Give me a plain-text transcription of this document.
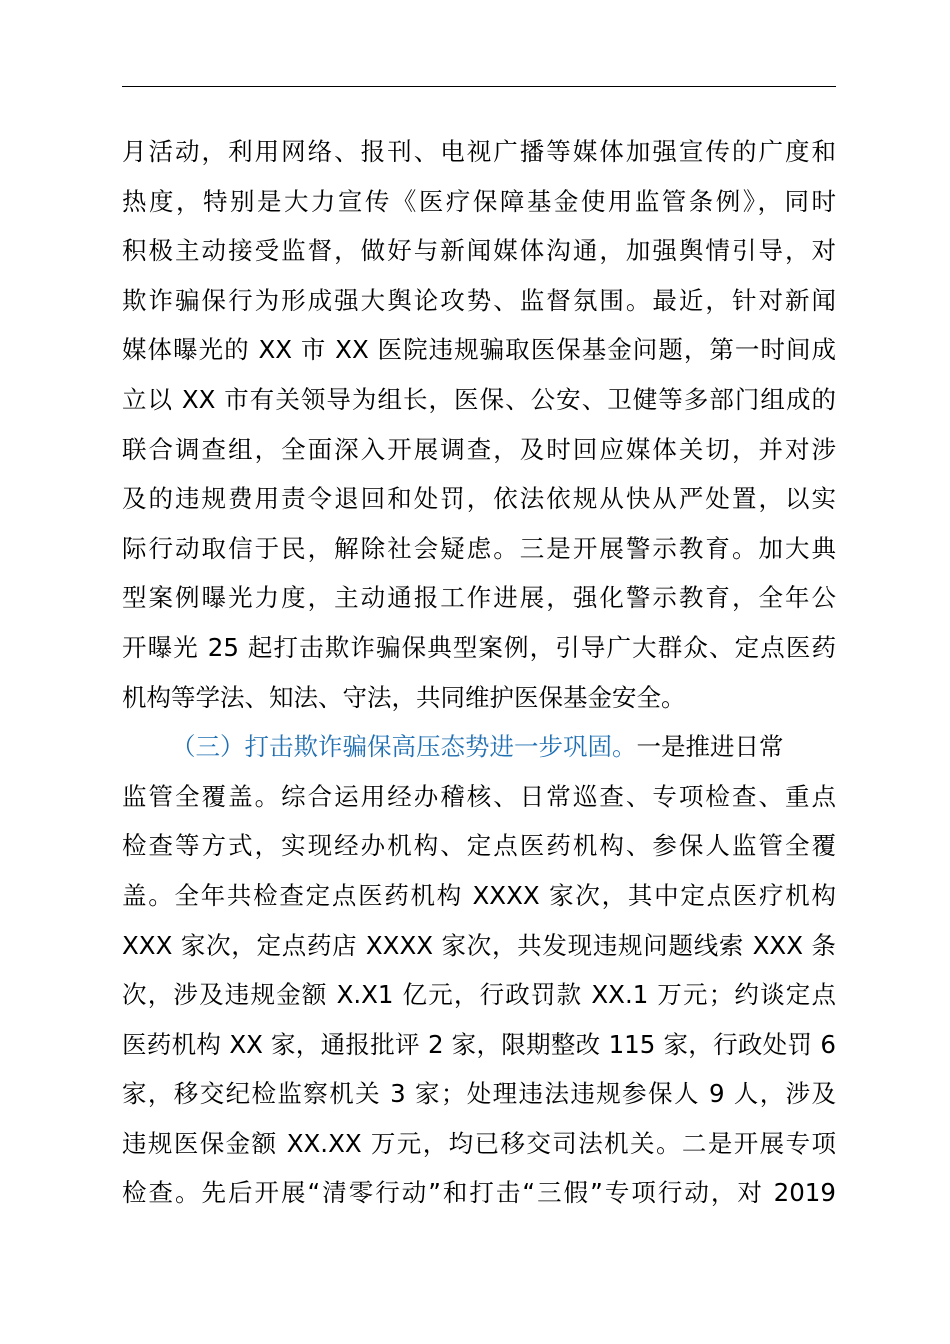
月活动，利用网络、报刊、电视广播等媒体加强宣传的广度和
热度，特别是大力宣传《医疗保障基金使用监管条例》，同时
积极主动接受监督，做好与新闻媒体沟通，加强舆情引导，对
欺诈骗保行为形成强大舆论攻势、监督氛围。最近，针对新闻
媒体曝光的 XX 市 XX 医院违规骗取医保基金问题，第一时间成
立以 XX 市有关领导为组长，医保、公安、卫健等多部门组成的
联合调查组，全面深入开展调查，及时回应媒体关切，并对涉
及的违规费用责令退回和处罚，依法依规从快从严处置，以实
际行动取信于民，解除社会疑虑。三是开展警示教育。加大典
型案例曝光力度，主动通报工作进展，强化警示教育，全年公
开曝光 25 起打击欺诈骗保典型案例，引导广大群众、定点医药
机构等学法、知法、守法，共同维护医保基金安全。
（三）打击欺诈骗保高压态势进一步巩固。一是推进日常
监管全覆盖。综合运用经办稽核、日常巡查、专项检查、重点
检查等方式，实现经办机构、定点医药机构、参保人监管全覆
盖。全年共检查定点医药机构 XXXX 家次，其中定点医疗机构
XXX 家次，定点药店 XXXX 家次，共发现违规问题线索 XXX 条
次，涉及违规金额 X.X1 亿元，行政罚款 XX.1 万元；约谈定点
医药机构 XX 家，通报批评 2 家，限期整改 115 家，行政处罚 6
家，移交纪检监察机关 3 家；处理违法违规参保人 9 人，涉及
违规医保金额 XX.XX 万元，均已移交司法机关。二是开展专项
检查。先后开展“清零行动”和打击“三假”专项行动，对 2019
